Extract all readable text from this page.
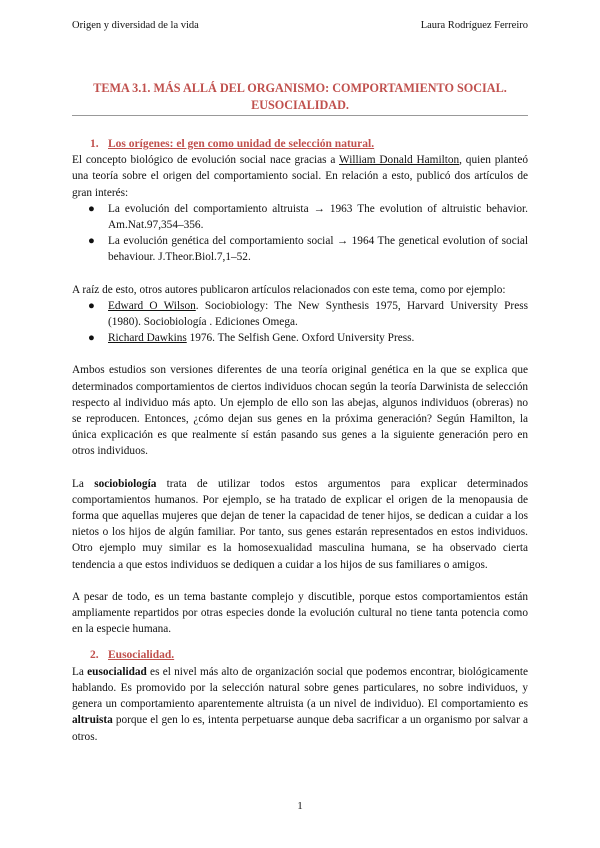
Origen y diversidad de la vida	Laura Rodríguez Ferreiro
TEMA 3.1. MÁS ALLÁ DEL ORGANISMO: COMPORTAMIENTO SOCIAL.
EUSOCIALIDAD.
1. Los orígenes: el gen como unidad de selección natural.

El concepto biológico de evolución social nace gracias a William Donald Hamilton, quien planteó una teoría sobre el origen del comportamiento social. En relación a esto, publicó dos artículos de gran interés:

● La evolución del comportamiento altruista → 1963 The evolution of altruistic behavior. Am.Nat.97,354–356.
● La evolución genética del comportamiento social → 1964 The genetical evolution of social behaviour. J.Theor.Biol.7,1–52.

A raíz de esto, otros autores publicaron artículos relacionados con este tema, como por ejemplo:

● Edward O Wilson. Sociobiology: The New Synthesis 1975, Harvard University Press (1980). Sociobiología . Ediciones Omega.
● Richard Dawkins 1976. The Selfish Gene. Oxford University Press.

Ambos estudios son versiones diferentes de una teoría original genética en la que se explica que determinados comportamientos de ciertos individuos chocan según la teoría Darwinista de selección respecto al individuo más apto. Un ejemplo de ello son las abejas, algunos individuos (obreras) no se reproducen. Entonces, ¿cómo dejan sus genes en la próxima generación? Según Hamilton, la única explicación es que realmente sí están pasando sus genes a la siguiente generación pero en otros individuos.

La sociobiología trata de utilizar todos estos argumentos para explicar determinados comportamientos humanos. Por ejemplo, se ha tratado de explicar el origen de la menopausia de forma que aquellas mujeres que dejan de tener la capacidad de tener hijos, se dedican a cuidar a los nietos o los hijos de algún familiar. Por tanto, sus genes estarán representados en estos individuos. Otro ejemplo muy similar es la homosexualidad masculina humana, se ha observado cierta tendencia a que estos individuos se dediquen a cuidar a los hijos de sus familiares o amigos.

A pesar de todo, es un tema bastante complejo y discutible, porque estos comportamientos están ampliamente repartidos por otras especies donde la evolución cultural no tiene tanta potencia como en la especie humana.

2. Eusocialidad.

La eusocialidad es el nivel más alto de organización social que podemos encontrar, biológicamente hablando. Es promovido por la selección natural sobre genes particulares, no sobre individuos, y genera un comportamiento aparentemente altruista (a un nivel de individuo). El comportamiento es altruista porque el gen lo es, intenta perpetuarse aunque deba sacrificar a un organismo por salvar a otros.

1
